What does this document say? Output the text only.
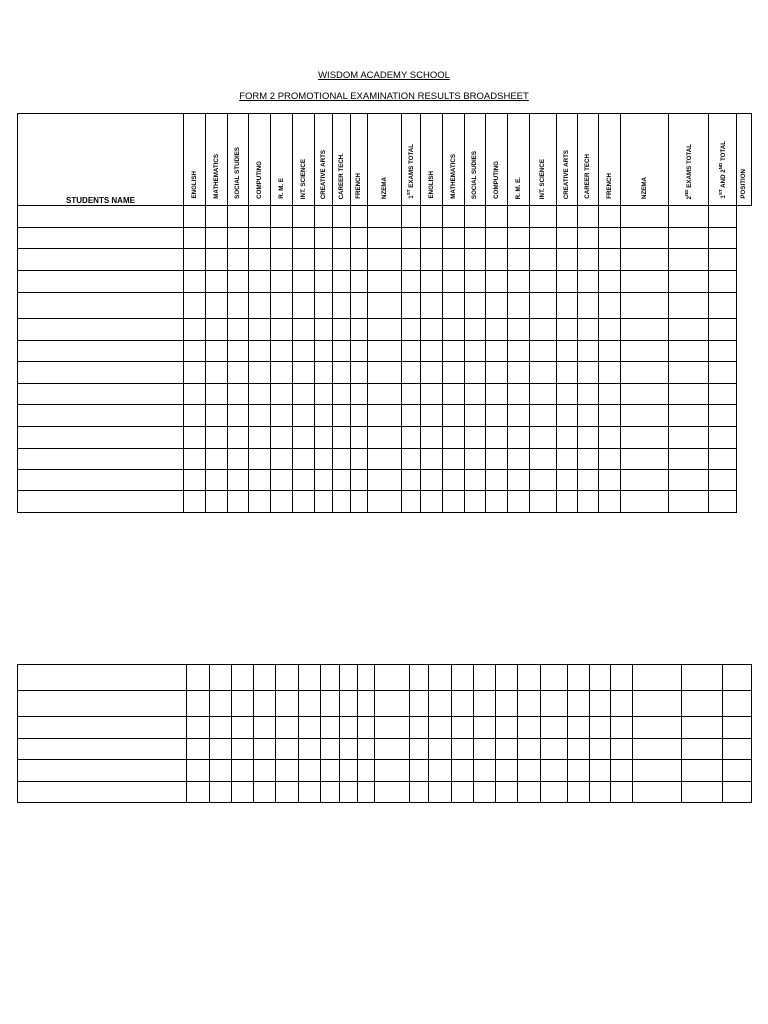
WISDOM ACADEMY SCHOOL
FORM 2 PROMOTIONAL EXAMINATION RESULTS BROADSHEET
STUDENTS NAME	ENGLISH	MATHEMATICS	SOCIAL STUDIES	COMPUTING	R. M. E	INT. SCIENCE	CREATIVE ARTS	CAREER TECH.	FRENCH	NZEMA	1ST EXAMS TOTAL	ENGLISH	MATHEMATICS	SOCIAL SUDIES	COMPUTING	R. M. E.	INT. SCIENCE	CREATIVE ARTS	CAREER TECH	FRENCH	NZEMA	2ND EXAMS TOTAL	1ST AND 2ND TOTAL	POSITION
